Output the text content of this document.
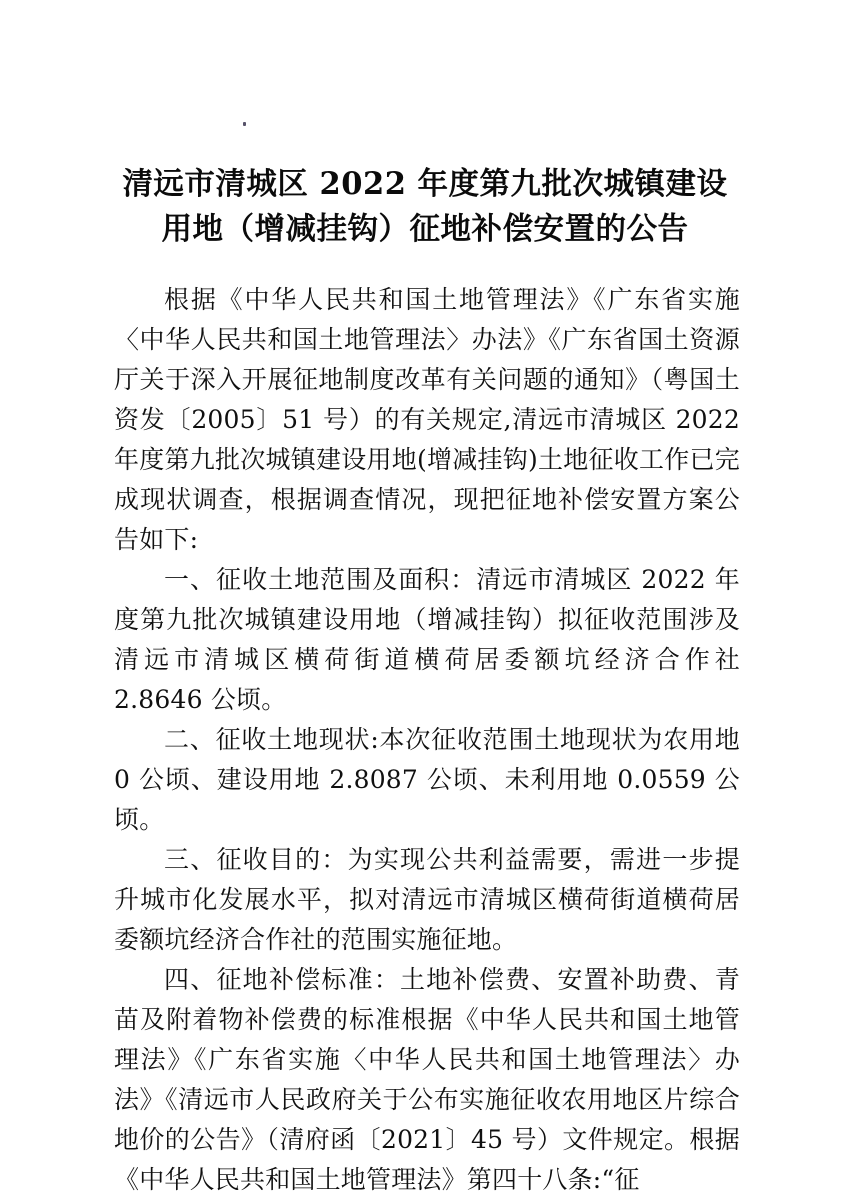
清远市清城区 2022 年度第九批次城镇建设
用地（增减挂钩）征地补偿安置的公告

根据《中华人民共和国土地管理法》《广东省实施〈中华人民共和国土地管理法〉办法》《广东省国土资源厅关于深入开展征地制度改革有关问题的通知》（粤国土资发〔2005〕51 号）的有关规定,清远市清城区 2022 年度第九批次城镇建设用地(增减挂钩)土地征收工作已完成现状调查，根据调查情况，现把征地补偿安置方案公告如下:

一、征收土地范围及面积：清远市清城区 2022 年度第九批次城镇建设用地（增减挂钩）拟征收范围涉及清远市清城区横荷街道横荷居委额坑经济合作社 2.8646 公顷。

二、征收土地现状:本次征收范围土地现状为农用地 0 公顷、建设用地 2.8087 公顷、未利用地 0.0559 公顷。

三、征收目的：为实现公共利益需要，需进一步提升城市化发展水平，拟对清远市清城区横荷街道横荷居委额坑经济合作社的范围实施征地。

四、征地补偿标准：土地补偿费、安置补助费、青苗及附着物补偿费的标准根据《中华人民共和国土地管理法》《广东省实施〈中华人民共和国土地管理法〉办法》《清远市人民政府关于公布实施征收农用地区片综合地价的公告》（清府函〔2021〕45 号）文件规定。根据《中华人民共和国土地管理法》第四十八条:“征
